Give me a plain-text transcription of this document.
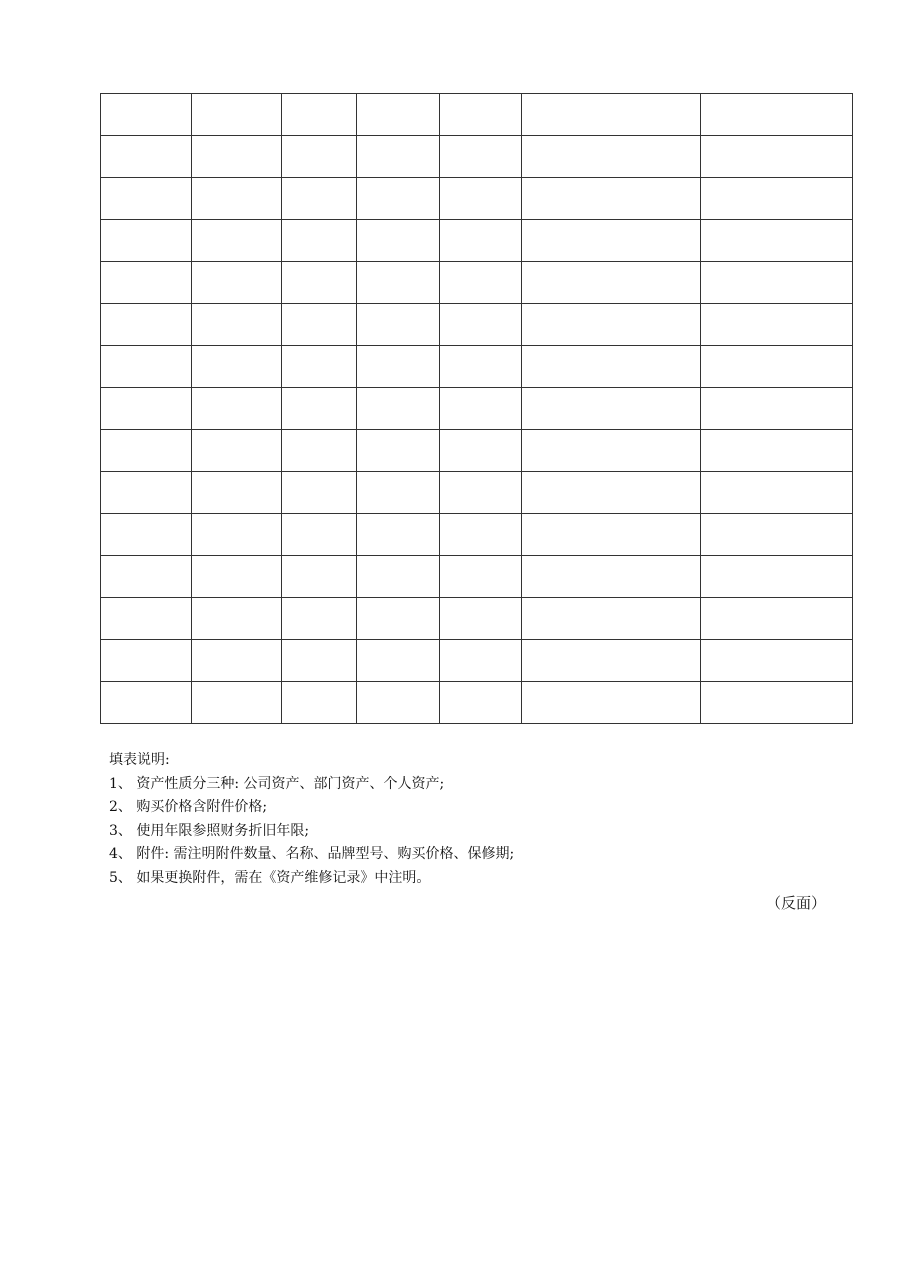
填表说明:
1、 资产性质分三种: 公司资产、部门资产、个人资产;
2、 购买价格含附件价格;
3、 使用年限参照财务折旧年限;
4、 附件: 需注明附件数量、名称、品牌型号、购买价格、保修期;
5、 如果更换附件，需在《资产维修记录》中注明。
（反面）
